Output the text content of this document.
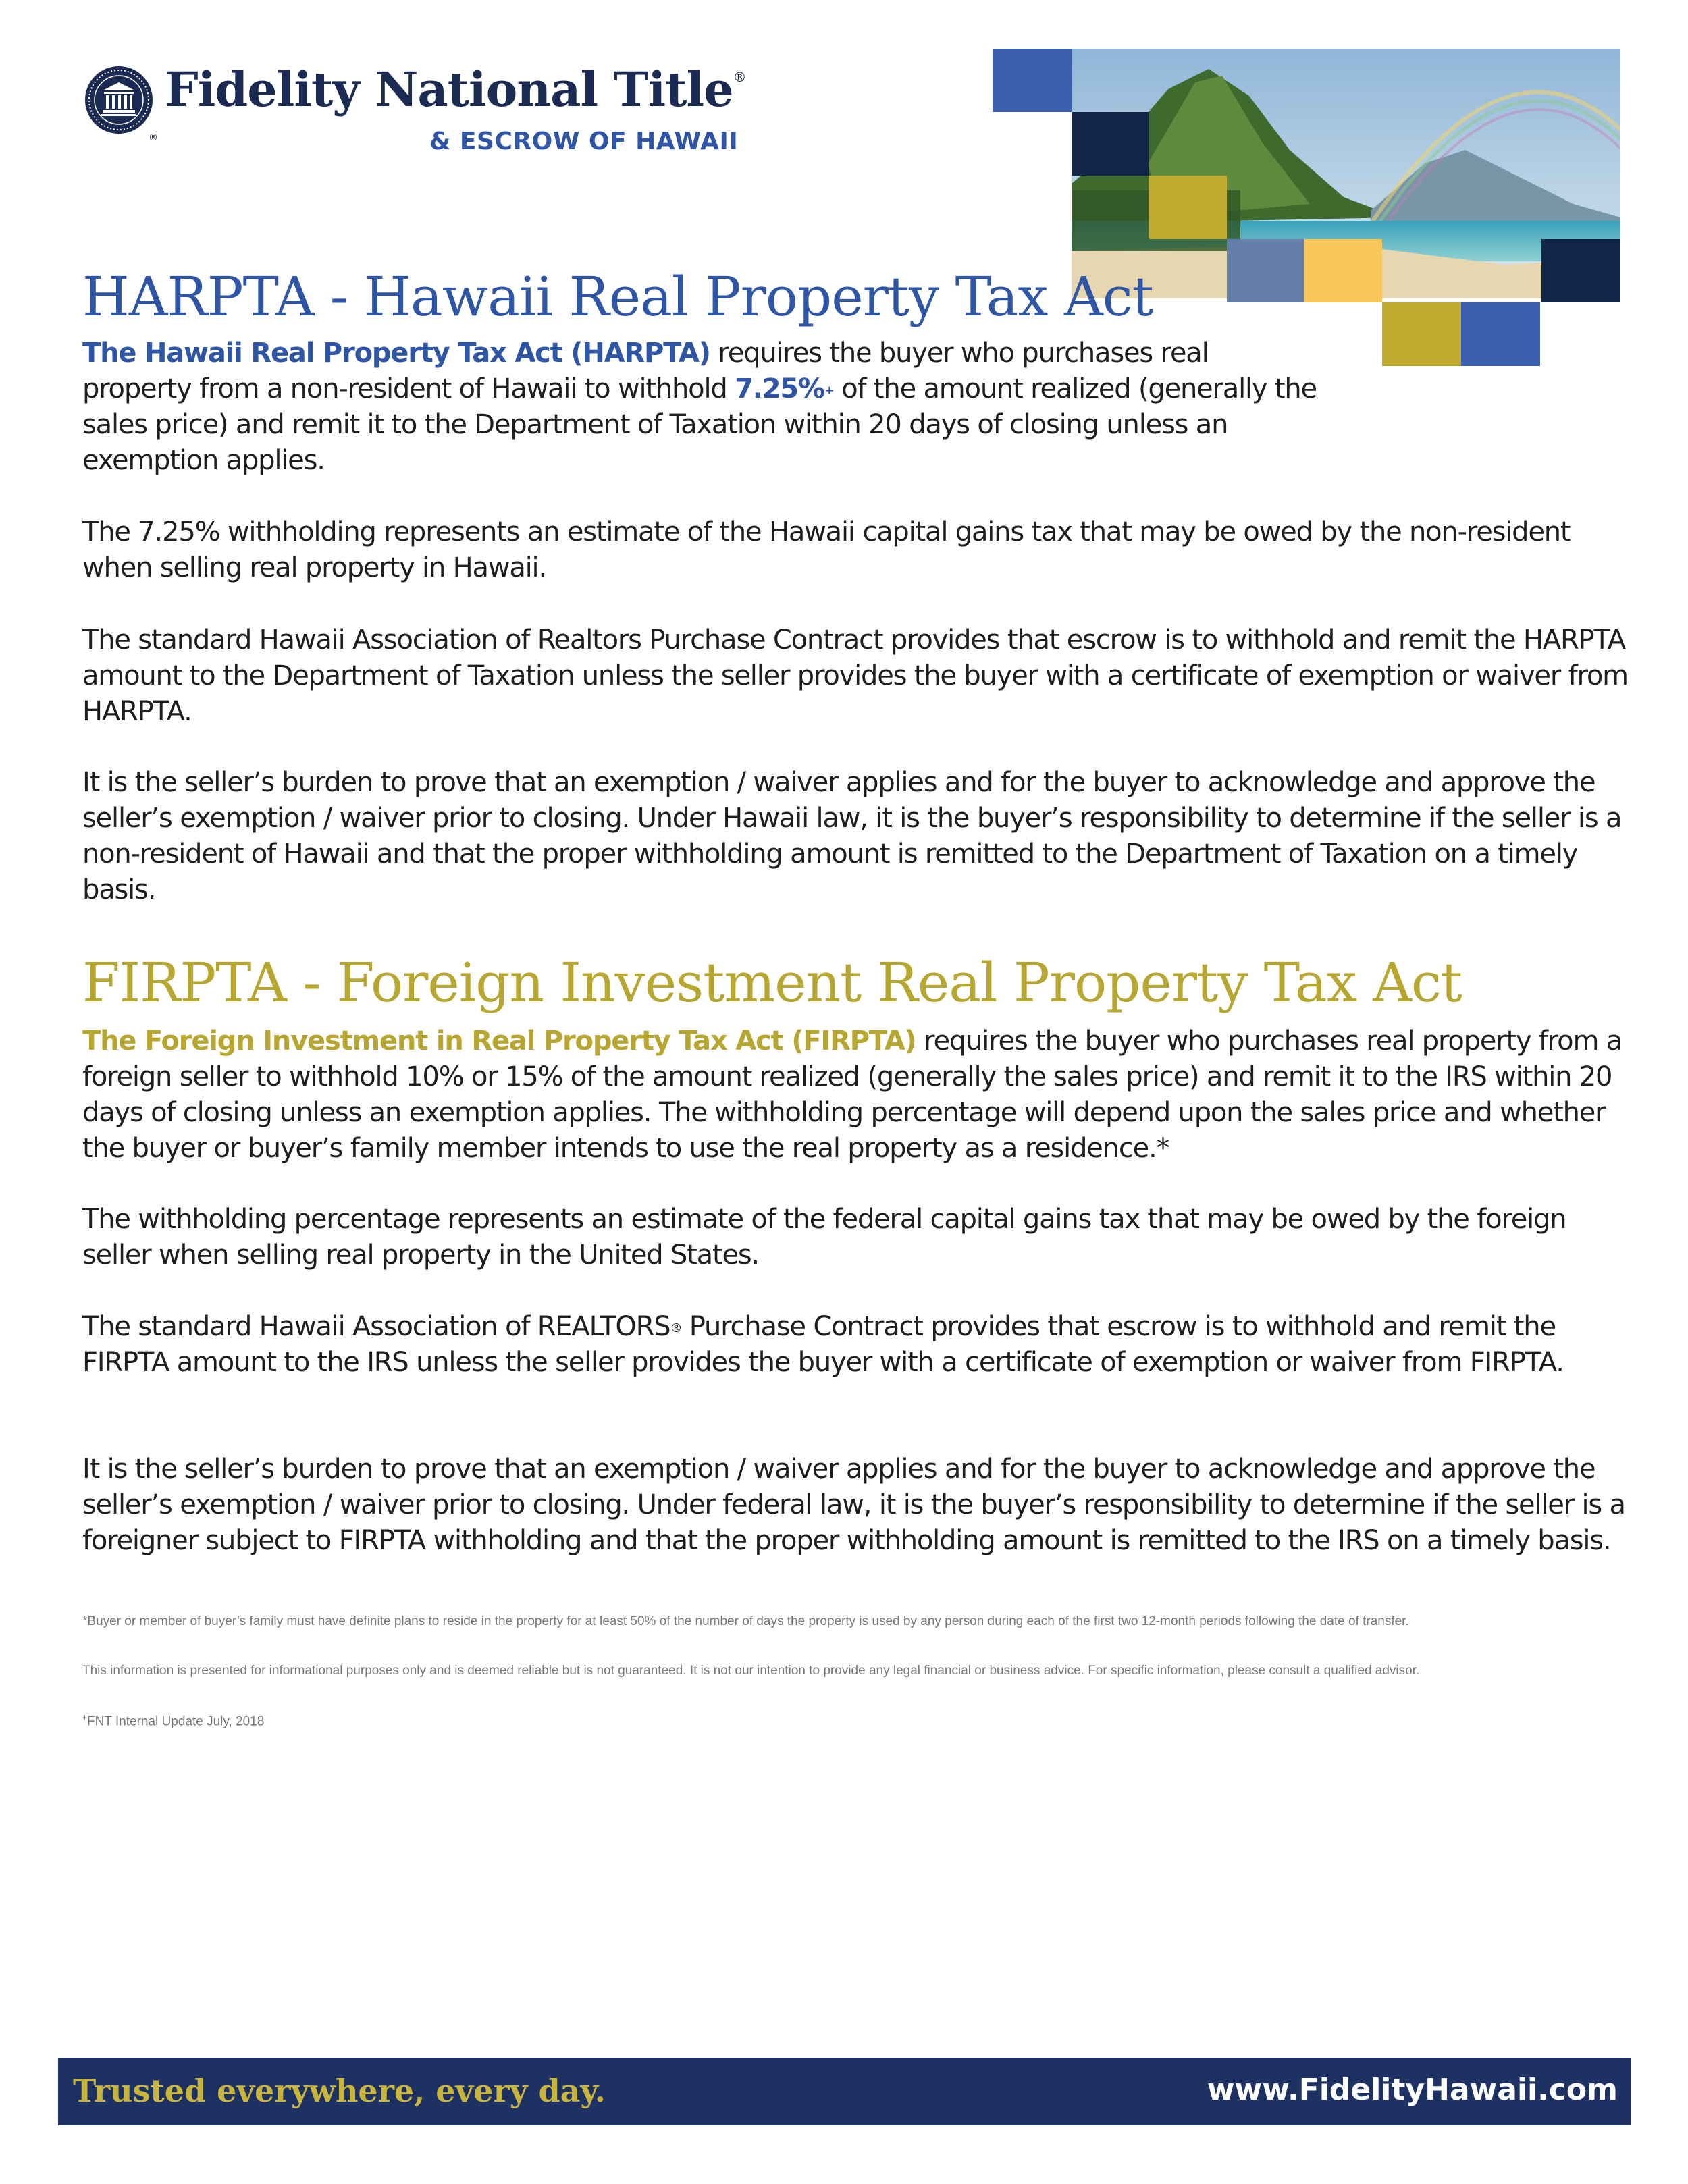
®

Fidelity National Title®

& ESCROW OF HAWAII

HARPTA - Hawaii Real Property Tax Act

The Hawaii Real Property Tax Act (HARPTA) requires the buyer who purchases real property from a non-resident of Hawaii to withhold 7.25%+ of the amount realized (generally the sales price) and remit it to the Department of Taxation within 20 days of closing unless an exemption applies.

The 7.25% withholding represents an estimate of the Hawaii capital gains tax that may be owed by the non-resident when selling real property in Hawaii.

The standard Hawaii Association of Realtors Purchase Contract provides that escrow is to withhold and remit the HARPTA amount to the Department of Taxation unless the seller provides the buyer with a certificate of exemption or waiver from HARPTA.

It is the seller’s burden to prove that an exemption / waiver applies and for the buyer to acknowledge and approve the seller’s exemption / waiver prior to closing. Under Hawaii law, it is the buyer’s responsibility to determine if the seller is a non-resident of Hawaii and that the proper withholding amount is remitted to the Department of Taxation on a timely basis.

FIRPTA - Foreign Investment Real Property Tax Act

The Foreign Investment in Real Property Tax Act (FIRPTA) requires the buyer who purchases real property from a foreign seller to withhold 10% or 15% of the amount realized (generally the sales price) and remit it to the IRS within 20 days of closing unless an exemption applies. The withholding percentage will depend upon the sales price and whether the buyer or buyer’s family member intends to use the real property as a residence.*

The withholding percentage represents an estimate of the federal capital gains tax that may be owed by the foreign seller when selling real property in the United States.

The standard Hawaii Association of REALTORS® Purchase Contract provides that escrow is to withhold and remit the FIRPTA amount to the IRS unless the seller provides the buyer with a certificate of exemption or waiver from FIRPTA.

It is the seller’s burden to prove that an exemption / waiver applies and for the buyer to acknowledge and approve the seller’s exemption / waiver prior to closing. Under federal law, it is the buyer’s responsibility to determine if the seller is a foreigner subject to FIRPTA withholding and that the proper withholding amount is remitted to the IRS on a timely basis.

*Buyer or member of buyer’s family must have definite plans to reside in the property for at least 50% of the number of days the property is used by any person during each of the first two 12-month periods following the date of transfer.

This information is presented for informational purposes only and is deemed reliable but is not guaranteed. It is not our intention to provide any legal financial or business advice. For specific information, please consult a qualified advisor.

+FNT Internal Update July, 2018

Trusted everywhere, every day.	www.FidelityHawaii.com
